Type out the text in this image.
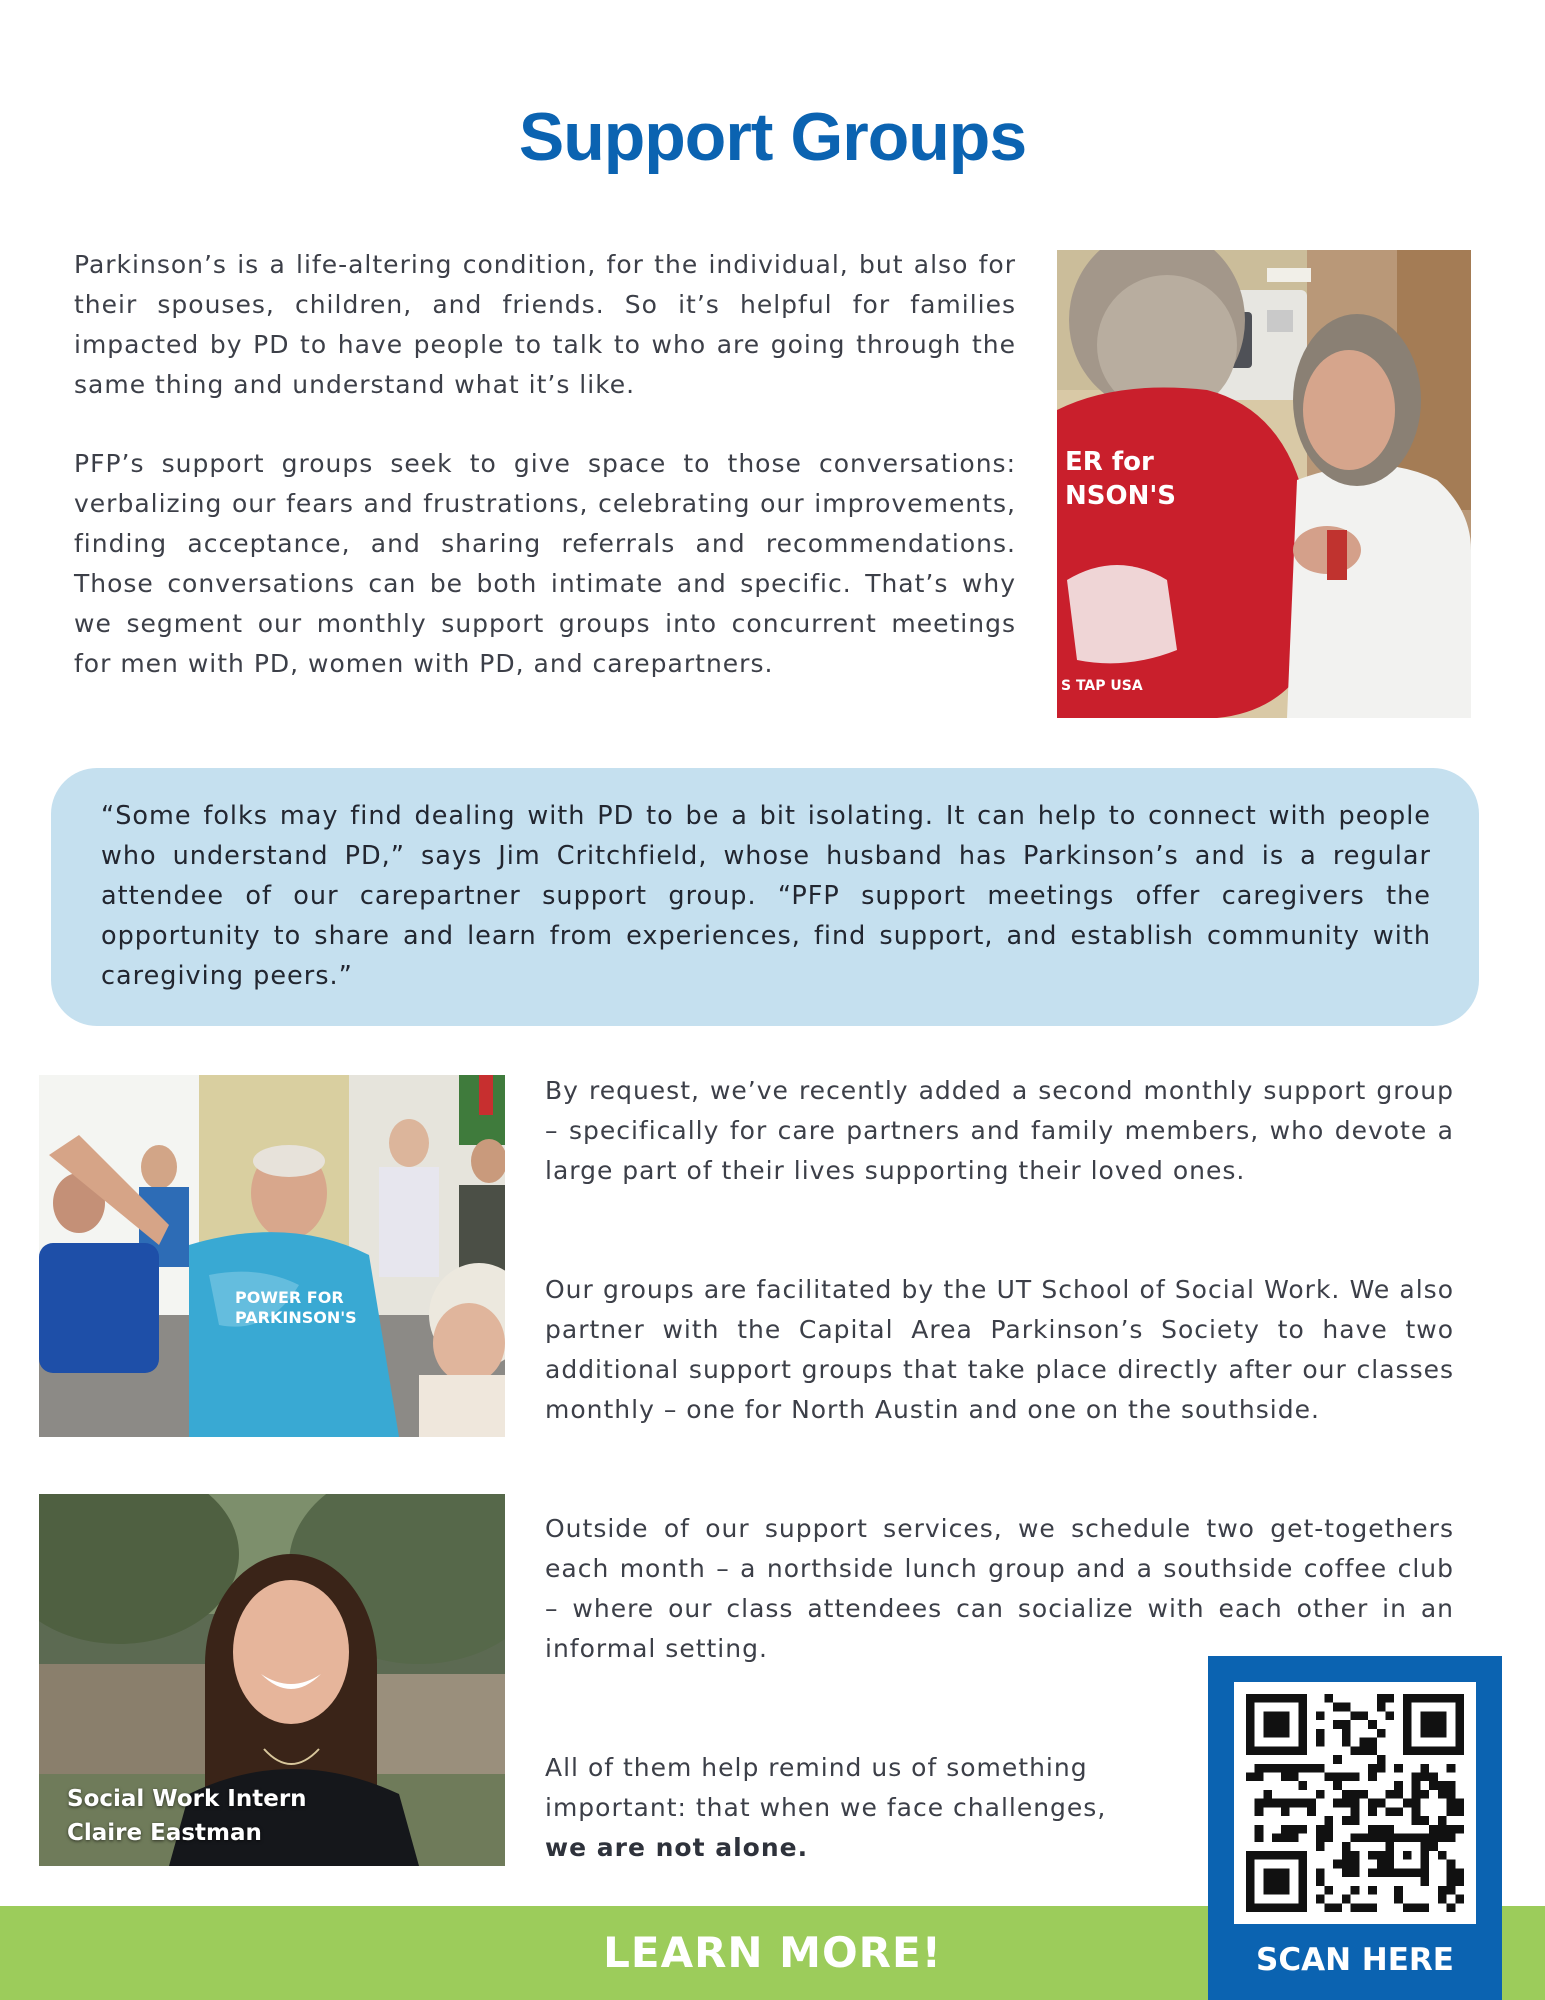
Support Groups

Parkinson’s is a life-altering condition, for the individual, but also for their spouses, children, and friends. So it’s helpful for families impacted by PD to have people to talk to who are going through the same thing and understand what it’s like.

PFP’s support groups seek to give space to those conversations: verbalizing our fears and frustrations, celebrating our improvements, finding acceptance, and sharing referrals and recommendations. Those conversations can be both intimate and specific. That’s why we segment our monthly support groups into concurrent meetings for men with PD, women with PD, and carepartners.

ER for
NSON'S
S TAP USA

“Some folks may find dealing with PD to be a bit isolating. It can help to connect with people who understand PD,” says Jim Critchfield, whose husband has Parkinson’s and is a regular attendee of our carepartner support group. “PFP support meetings offer caregivers the opportunity to share and learn from experiences, find support, and establish community with caregiving peers.”

POWER FOR
PARKINSON'S
Social Work Intern
Claire Eastman

By request, we’ve recently added a second monthly support group – specifically for care partners and family members, who devote a large part of their lives supporting their loved ones.

Our groups are facilitated by the UT School of Social Work. We also partner with the Capital Area Parkinson’s Society to have two additional support groups that take place directly after our classes monthly – one for North Austin and one on the southside.

Outside of our support services, we schedule two get-togethers each month – a northside lunch group and a southside coffee club – where our class attendees can socialize with each other in an informal setting.

All of them help remind us of something important: that when we face challenges,
we are not alone.

LEARN MORE!	SCAN HERE
